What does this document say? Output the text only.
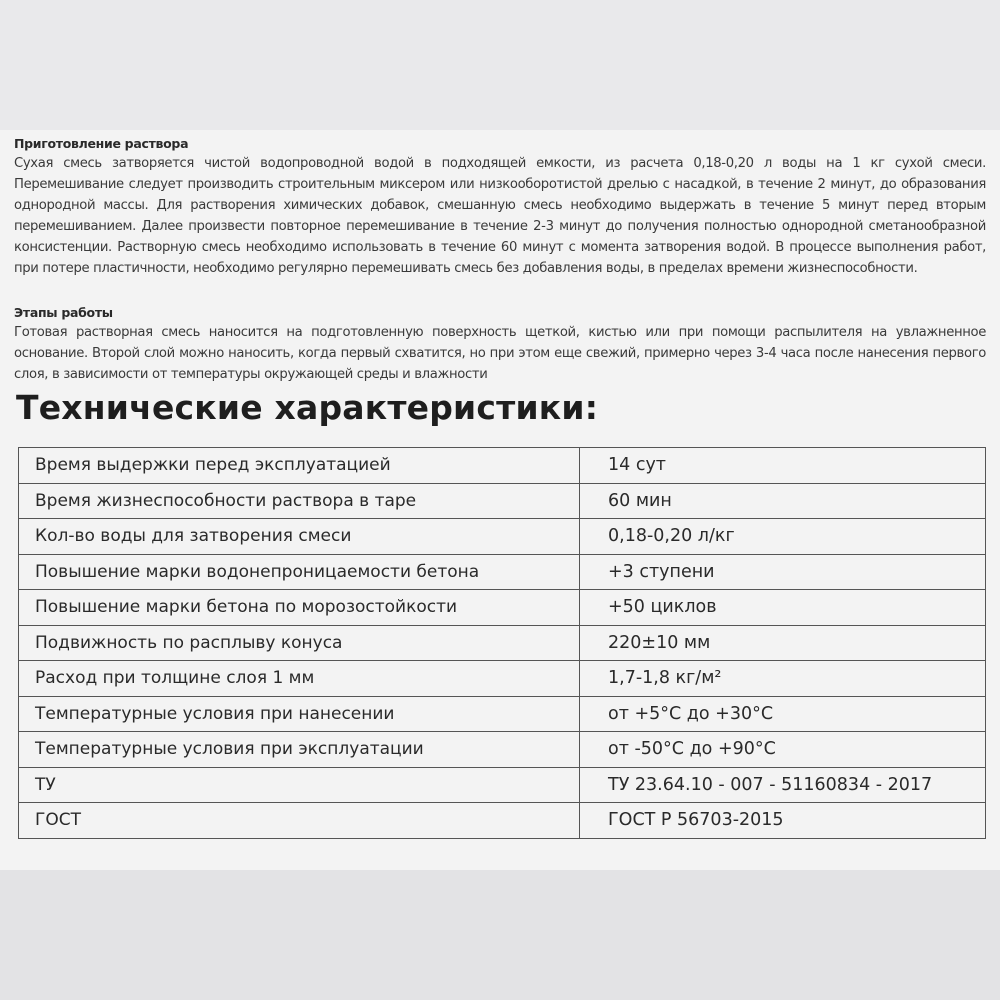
Приготовление раствора
Сухая смесь затворяется чистой водопроводной водой в подходящей емкости, из расчета 0,18-0,20 л воды на 1 кг сухой смеси. Перемешивание следует производить строительным миксером или низкооборотистой дрелью с насадкой, в течение 2 минут, до образования однородной массы. Для растворения химических добавок, смешанную смесь необходимо выдержать в течение 5 минут перед вторым перемешиванием. Далее произвести повторное перемешивание в течение 2-3 минут до получения полностью однородной сметанообразной консистенции. Растворную смесь необходимо использовать в течение 60 минут с момента затворения водой. В процессе выполнения работ, при потере пластичности, необходимо регулярно перемешивать смесь без добавления воды, в пределах времени жизнеспособности.
Этапы работы
Готовая растворная смесь наносится на подготовленную поверхность щеткой, кистью или при помощи распылителя на увлажненное основание. Второй слой можно наносить, когда первый схватится, но при этом еще свежий, примерно через 3-4 часа после нанесения первого слоя, в зависимости от температуры окружающей среды и влажности
Технические характеристики:
Время выдержки перед эксплуатацией	14 сут
Время жизнеспособности раствора в таре	60 мин
Кол-во воды для затворения смеси	0,18-0,20 л/кг
Повышение марки водонепроницаемости бетона	+3 ступени
Повышение марки бетона по морозостойкости	+50 циклов
Подвижность по расплыву конуса	220±10 мм
Расход при толщине слоя 1 мм	1,7-1,8 кг/м²
Температурные условия при нанесении	от +5°С до +30°С
Температурные условия при эксплуатации	от -50°С до +90°С
ТУ	ТУ 23.64.10 - 007 - 51160834 - 2017
ГОСТ	ГОСТ Р 56703-2015
